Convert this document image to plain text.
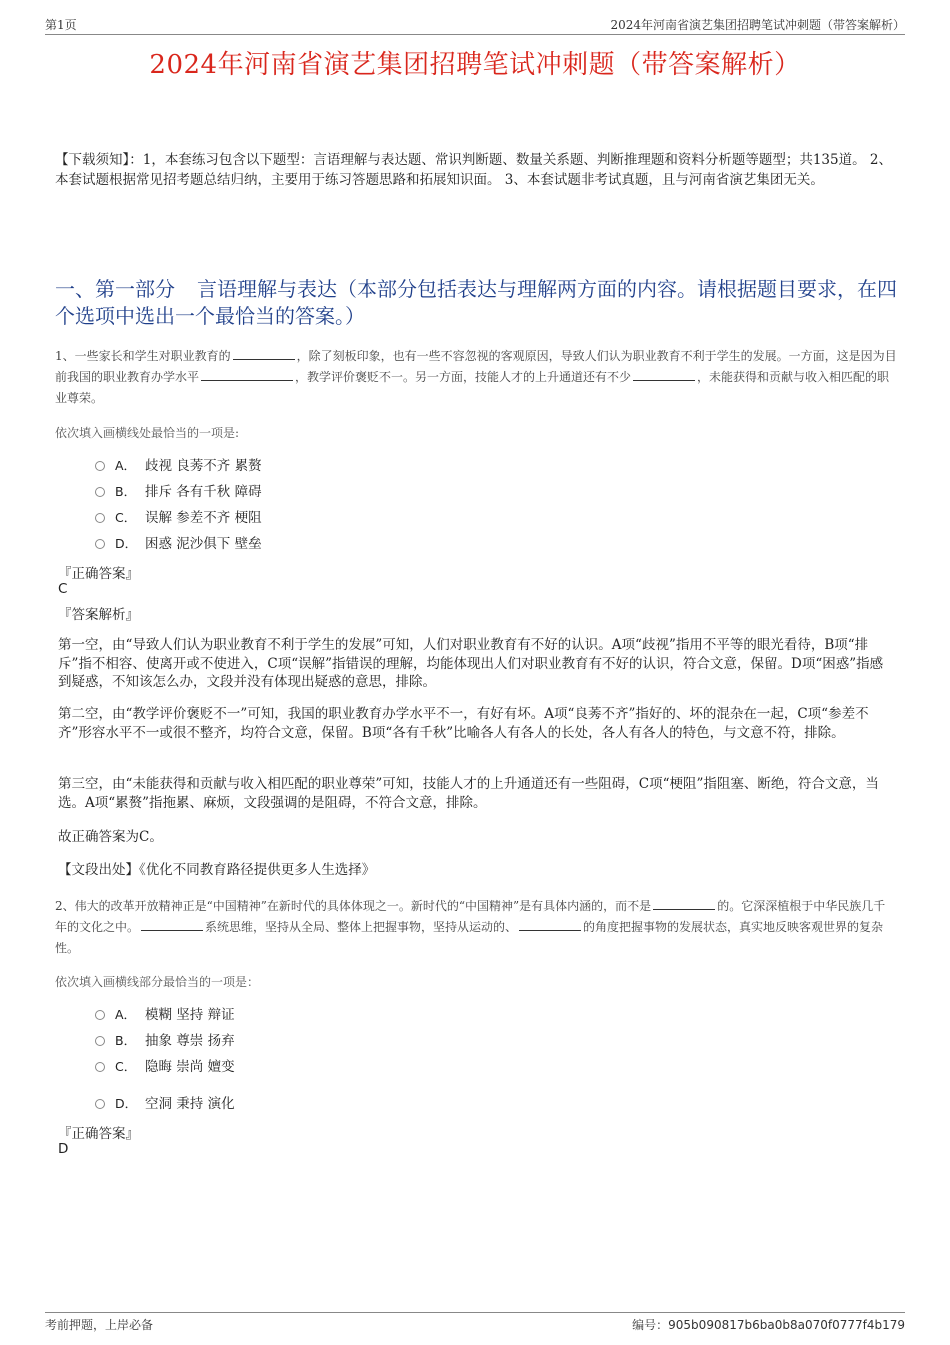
第1页	2024年河南省演艺集团招聘笔试冲刺题（带答案解析）
2024年河南省演艺集团招聘笔试冲刺题（带答案解析）
【下载须知】：1，本套练习包含以下题型：言语理解与表达题、常识判断题、数量关系题、判断推理题和资料分析题等题型；共135道。 2、本套试题根据常见招考题总结归纳，主要用于练习答题思路和拓展知识面。 3、本套试题非考试真题，且与河南省演艺集团无关。
一、第一部分 言语理解与表达（本部分包括表达与理解两方面的内容。请根据题目要求，在四个选项中选出一个最恰当的答案。）
1、一些家长和学生对职业教育的	，除了刻板印象，也有一些不容忽视的客观原因，导致人们认为职业教育不利于学生的发展。一方面，这是因为目前我国的职业教育办学水平	，教学评价褒贬不一。另一方面，技能人才的上升通道还有不少	，未能获得和贡献与收入相匹配的职业尊荣。
依次填入画横线处最恰当的一项是:
A． 歧视 良莠不齐 累赘
B． 排斥 各有千秋 障碍
C． 误解 参差不齐 梗阻
D． 困惑 泥沙俱下 壁垒
『正确答案』
C
『答案解析』
第一空，由“导致人们认为职业教育不利于学生的发展”可知，人们对职业教育有不好的认识。A项“歧视”指用不平等的眼光看待，B项“排斥”指不相容、使离开或不使进入，C项“误解”指错误的理解，均能体现出人们对职业教育有不好的认识，符合文意，保留。D项“困惑”指感到疑惑，不知该怎么办，文段并没有体现出疑惑的意思，排除。
第二空，由“教学评价褒贬不一”可知，我国的职业教育办学水平不一，有好有坏。A项“良莠不齐”指好的、坏的混杂在一起，C项“参差不齐”形容水平不一或很不整齐，均符合文意，保留。B项“各有千秋”比喻各人有各人的长处，各人有各人的特色，与文意不符，排除。
第三空，由“未能获得和贡献与收入相匹配的职业尊荣”可知，技能人才的上升通道还有一些阻碍，C项“梗阻”指阻塞、断绝，符合文意，当选。A项“累赘”指拖累、麻烦，文段强调的是阻碍，不符合文意，排除。
故正确答案为C。
【文段出处】《优化不同教育路径提供更多人生选择》
2、伟大的改革开放精神正是“中国精神”在新时代的具体体现之一。新时代的“中国精神”是有具体内涵的，而不是	的。它深深植根于中华民族几千年的文化之中。	系统思维，坚持从全局、整体上把握事物，坚持从运动的、	的角度把握事物的发展状态，真实地反映客观世界的复杂性。
依次填入画横线部分最恰当的一项是：
A． 模糊 坚持 辩证
B． 抽象 尊崇 扬弃
C． 隐晦 崇尚 嬗变
D． 空洞 秉持 演化
『正确答案』
D
考前押题，上岸必备	编号：905b090817b6ba0b8a070f0777f4b179
